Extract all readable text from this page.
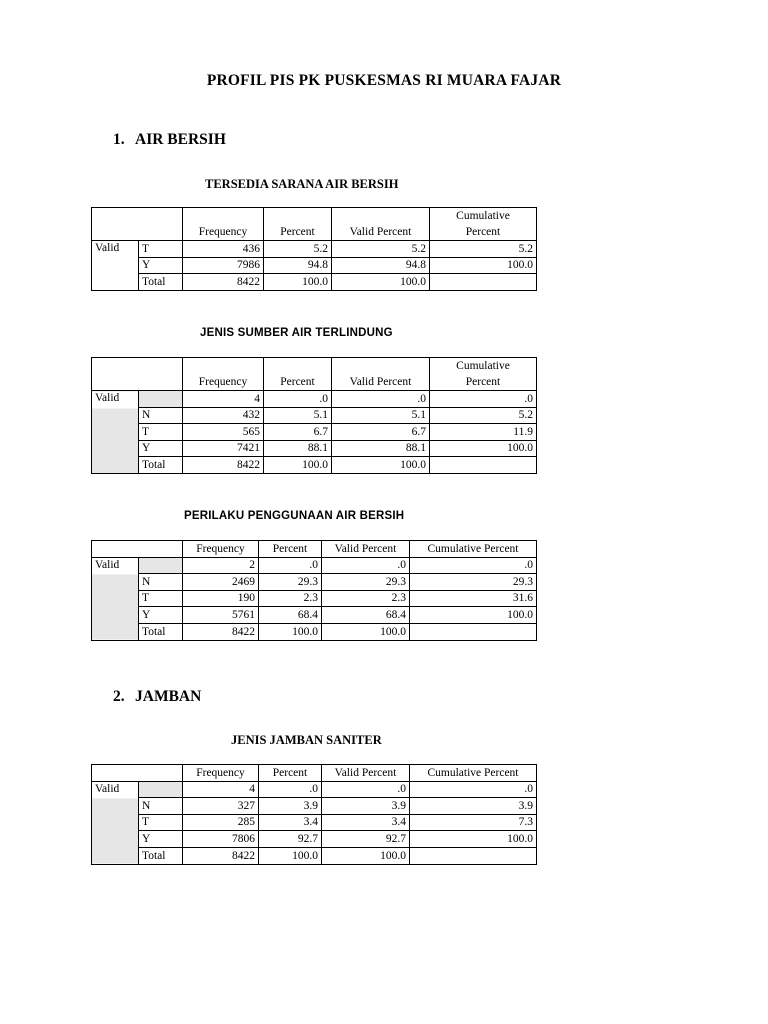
PROFIL PIS PK PUSKESMAS RI MUARA FAJAR
1. AIR BERSIH
TERSEDIA SARANA AIR BERSIH
		Frequency	Percent	Valid Percent	Cumulative Percent
Valid	T	436	5.2	5.2	5.2
	Y	7986	94.8	94.8	100.0
	Total	8422	100.0	100.0	
JENIS SUMBER AIR TERLINDUNG
		Frequency	Percent	Valid Percent	Cumulative Percent
Valid		4	.0	.0	.0
	N	432	5.1	5.1	5.2
	T	565	6.7	6.7	11.9
	Y	7421	88.1	88.1	100.0
	Total	8422	100.0	100.0	
PERILAKU PENGGUNAAN AIR BERSIH
		Frequency	Percent	Valid Percent	Cumulative Percent
Valid		2	.0	.0	.0
	N	2469	29.3	29.3	29.3
	T	190	2.3	2.3	31.6
	Y	5761	68.4	68.4	100.0
	Total	8422	100.0	100.0	
2. JAMBAN
JENIS JAMBAN SANITER
		Frequency	Percent	Valid Percent	Cumulative Percent
Valid		4	.0	.0	.0
	N	327	3.9	3.9	3.9
	T	285	3.4	3.4	7.3
	Y	7806	92.7	92.7	100.0
	Total	8422	100.0	100.0	
